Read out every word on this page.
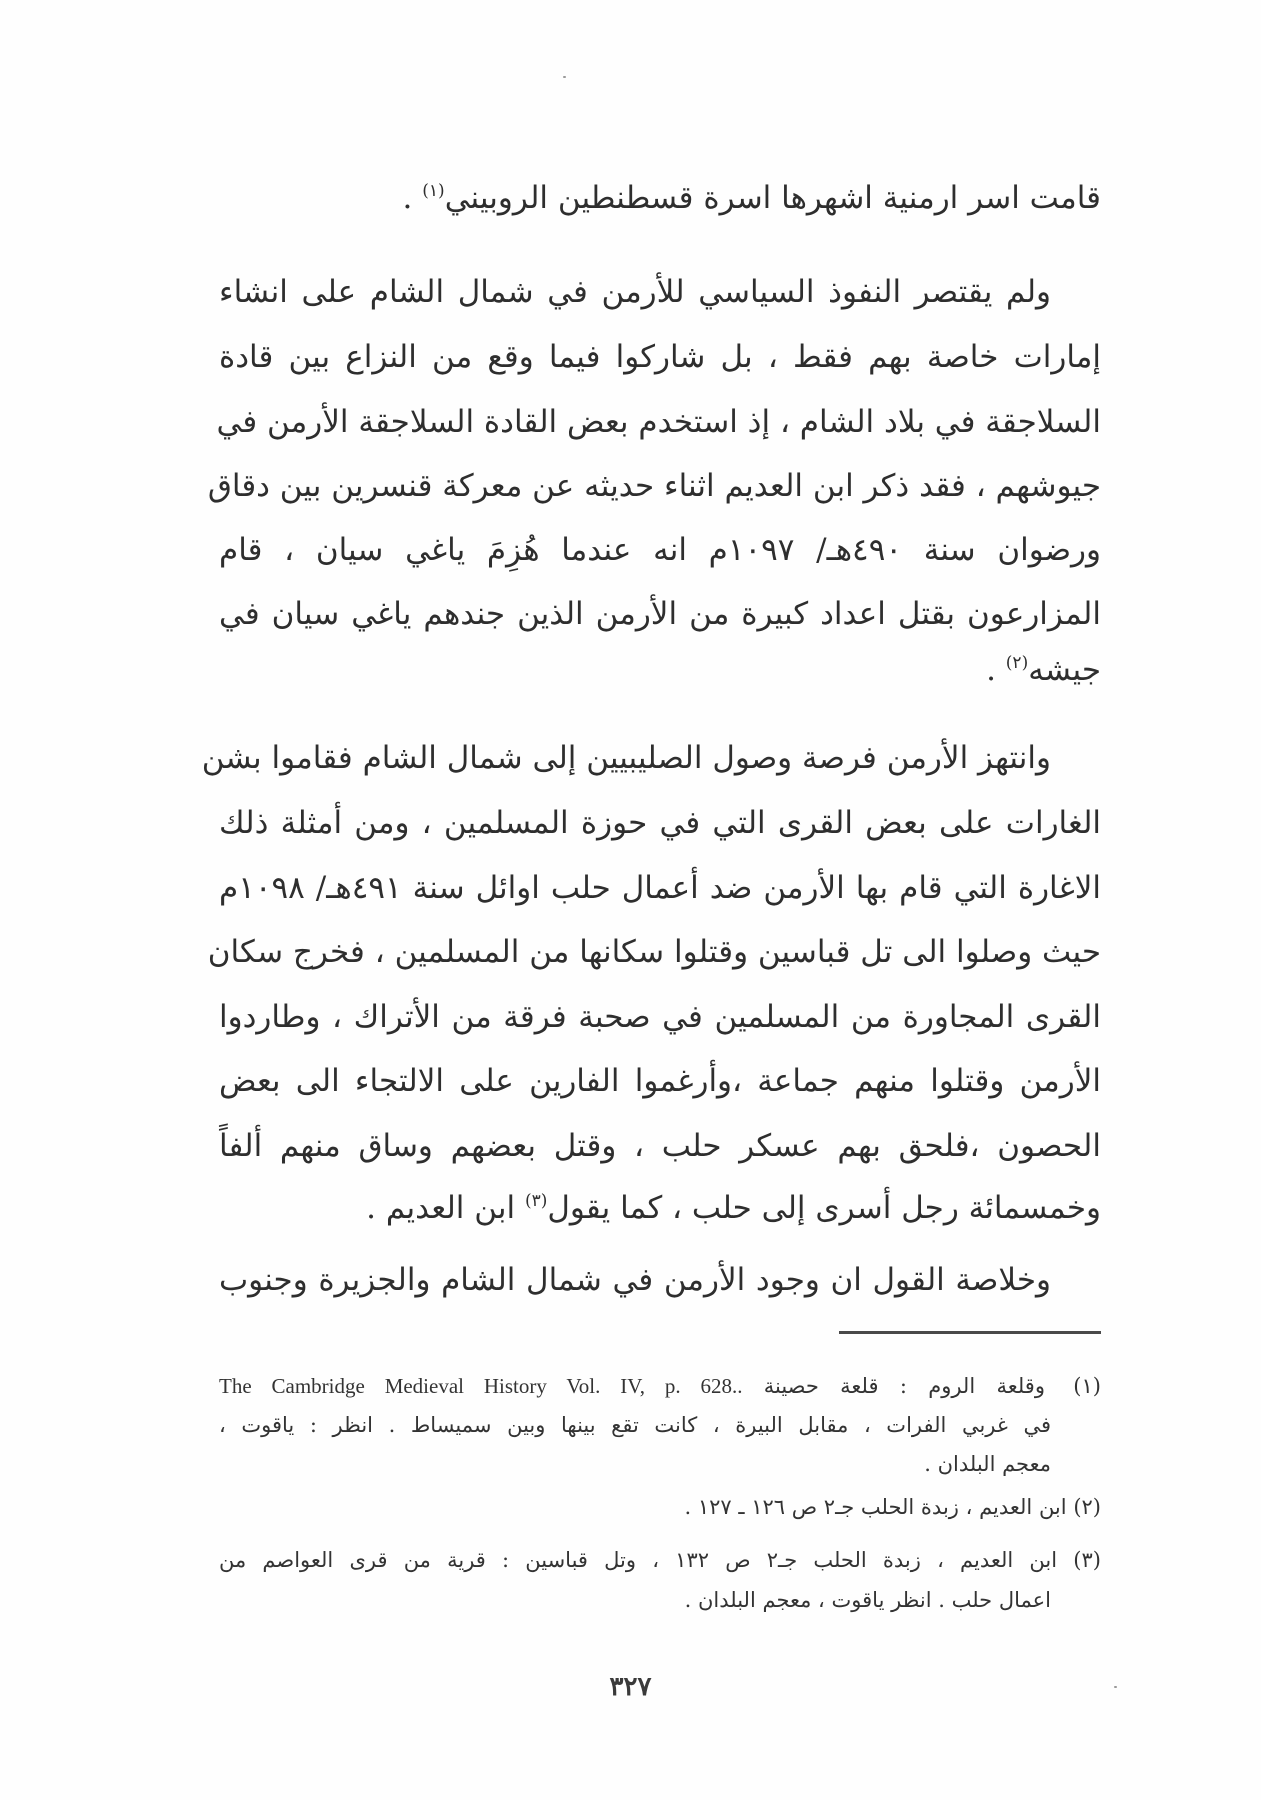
قامت اسر ارمنية اشهرها اسرة قسطنطين الروبيني$^{(١)}$ .
ولم يقتصر النفوذ السياسي للأرمن في شمال الشام على انشاء
إمارات خاصة بهم فقط ، بل شاركوا فيما وقع من النزاع بين قادة
السلاجقة في بلاد الشام ، إذ استخدم بعض القادة السلاجقة الأرمن في
جيوشهم ، فقد ذكر ابن العديم اثناء حديثه عن معركة قنسرين بين دقاق
ورضوان سنة ٤٩٠هـ/ ١٠٩٧م انه عندما هُزِمَ ياغي سيان ، قام
المزارعون بقتل اعداد كبيرة من الأرمن الذين جندهم ياغي سيان في
جيشه$^{(٢)}$ .
وانتهز الأرمن فرصة وصول الصليبيين إلى شمال الشام فقاموا بشن
الغارات على بعض القرى التي في حوزة المسلمين ، ومن أمثلة ذلك
الاغارة التي قام بها الأرمن ضد أعمال حلب اوائل سنة ٤٩١هـ/ ١٠٩٨م
حيث وصلوا الى تل قباسين وقتلوا سكانها من المسلمين ، فخرج سكان
القرى المجاورة من المسلمين في صحبة فرقة من الأتراك ، وطاردوا
الأرمن وقتلوا منهم جماعة ،وأرغموا الفارين على الالتجاء الى بعض
الحصون ،فلحق بهم عسكر حلب ، وقتل بعضهم وساق منهم ألفاً
وخمسمائة رجل أسرى إلى حلب ، كما يقول$^{(٣)}$ ابن العديم .
وخلاصة القول ان وجود الأرمن في شمال الشام والجزيرة وجنوب
(١)وقلعة الروم : قلعة حصينة The Cambridge Medieval History Vol. IV, p. 628..
في غربي الفرات ، مقابل البيرة ، كانت تقع بينها وبين سميساط . انظر : ياقوت ،
معجم البلدان .
(٢) ابن العديم ، زبدة الحلب جـ٢ ص ١٢٦ ـ ١٢٧ .
(٣) ابن العديم ، زبدة الحلب جـ٢ ص ١٣٢ ، وتل قباسين : قرية من قرى العواصم من
اعمال حلب . انظر ياقوت ، معجم البلدان .
٣٢٧
